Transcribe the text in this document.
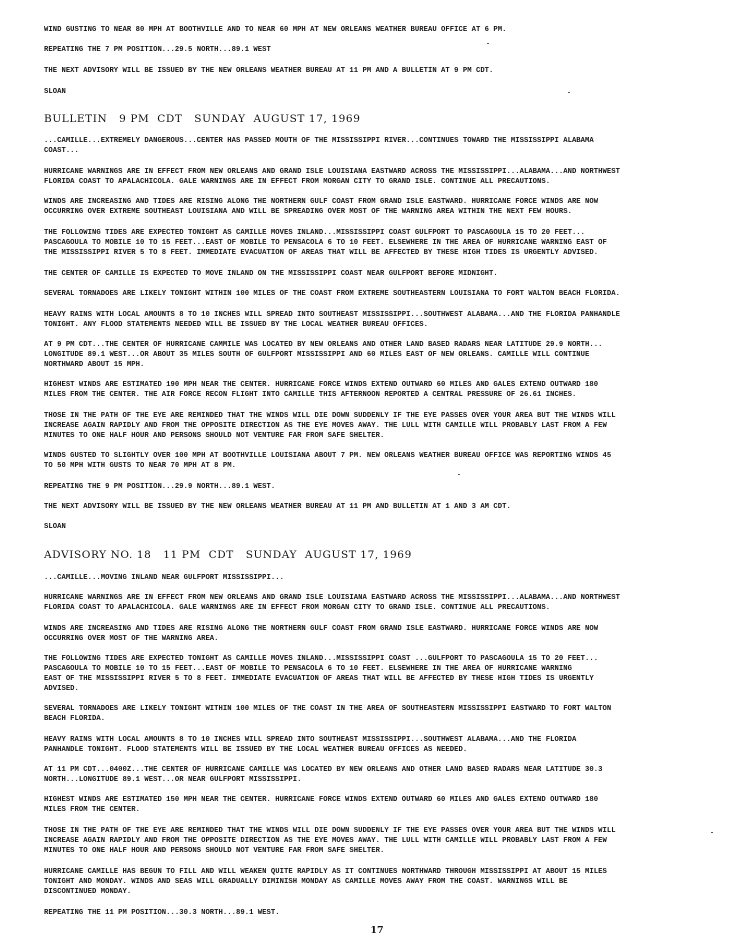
WIND GUSTING TO NEAR 80 MPH AT BOOTHVILLE AND TO NEAR 60 MPH AT NEW ORLEANS WEATHER BUREAU OFFICE AT 6 PM.
REPEATING THE 7 PM POSITION...29.5 NORTH...89.1 WEST
THE NEXT ADVISORY WILL BE ISSUED BY THE NEW ORLEANS WEATHER BUREAU AT 11 PM AND A BULLETIN AT 9 PM CDT.
SLOAN
BULLETIN   9 PM  CDT   SUNDAY  AUGUST 17, 1969
...CAMILLE...EXTREMELY DANGEROUS...CENTER HAS PASSED MOUTH OF THE MISSISSIPPI RIVER...CONTINUES TOWARD THE MISSISSIPPI ALABAMA
COAST...
HURRICANE WARNINGS ARE IN EFFECT FROM NEW ORLEANS AND GRAND ISLE LOUISIANA EASTWARD ACROSS THE MISSISSIPPI...ALABAMA...AND NORTHWEST
FLORIDA COAST TO APALACHICOLA. GALE WARNINGS ARE IN EFFECT FROM MORGAN CITY TO GRAND ISLE. CONTINUE ALL PRECAUTIONS.
WINDS ARE INCREASING AND TIDES ARE RISING ALONG THE NORTHERN GULF COAST FROM GRAND ISLE EASTWARD. HURRICANE FORCE WINDS ARE NOW
OCCURRING OVER EXTREME SOUTHEAST LOUISIANA AND WILL BE SPREADING OVER MOST OF THE WARNING AREA WITHIN THE NEXT FEW HOURS.
THE FOLLOWING TIDES ARE EXPECTED TONIGHT AS CAMILLE MOVES INLAND...MISSISSIPPI COAST GULFPORT TO PASCAGOULA 15 TO 20 FEET...
PASCAGOULA TO MOBILE 10 TO 15 FEET...EAST OF MOBILE TO PENSACOLA 6 TO 10 FEET. ELSEWHERE IN THE AREA OF HURRICANE WARNING EAST OF
THE MISSISSIPPI RIVER 5 TO 8 FEET. IMMEDIATE EVACUATION OF AREAS THAT WILL BE AFFECTED BY THESE HIGH TIDES IS URGENTLY ADVISED.
THE CENTER OF CAMILLE IS EXPECTED TO MOVE INLAND ON THE MISSISSIPPI COAST NEAR GULFPORT BEFORE MIDNIGHT.
SEVERAL TORNADOES ARE LIKELY TONIGHT WITHIN 100 MILES OF THE COAST FROM EXTREME SOUTHEASTERN LOUISIANA TO FORT WALTON BEACH FLORIDA.
HEAVY RAINS WITH LOCAL AMOUNTS 8 TO 10 INCHES WILL SPREAD INTO SOUTHEAST MISSISSIPPI...SOUTHWEST ALABAMA...AND THE FLORIDA PANHANDLE
TONIGHT. ANY FLOOD STATEMENTS NEEDED WILL BE ISSUED BY THE LOCAL WEATHER BUREAU OFFICES.
AT 9 PM CDT...THE CENTER OF HURRICANE CAMMILE WAS LOCATED BY NEW ORLEANS AND OTHER LAND BASED RADARS NEAR LATITUDE 29.9 NORTH...
LONGITUDE 89.1 WEST...OR ABOUT 35 MILES SOUTH OF GULFPORT MISSISSIPPI AND 60 MILES EAST OF NEW ORLEANS. CAMILLE WILL CONTINUE
NORTHWARD ABOUT 15 MPH.
HIGHEST WINDS ARE ESTIMATED 190 MPH NEAR THE CENTER. HURRICANE FORCE WINDS EXTEND OUTWARD 60 MILES AND GALES EXTEND OUTWARD 180
MILES FROM THE CENTER. THE AIR FORCE RECON FLIGHT INTO CAMILLE THIS AFTERNOON REPORTED A CENTRAL PRESSURE OF 26.61 INCHES.
THOSE IN THE PATH OF THE EYE ARE REMINDED THAT THE WINDS WILL DIE DOWN SUDDENLY IF THE EYE PASSES OVER YOUR AREA BUT THE WINDS WILL
INCREASE AGAIN RAPIDLY AND FROM THE OPPOSITE DIRECTION AS THE EYE MOVES AWAY. THE LULL WITH CAMILLE WILL PROBABLY LAST FROM A FEW
MINUTES TO ONE HALF HOUR AND PERSONS SHOULD NOT VENTURE FAR FROM SAFE SHELTER.
WINDS GUSTED TO SLIGHTLY OVER 100 MPH AT BOOTHVILLE LOUISIANA ABOUT 7 PM. NEW ORLEANS WEATHER BUREAU OFFICE WAS REPORTING WINDS 45
TO 50 MPH WITH GUSTS TO NEAR 70 MPH AT 8 PM.
REPEATING THE 9 PM POSITION...29.9 NORTH...89.1 WEST.
THE NEXT ADVISORY WILL BE ISSUED BY THE NEW ORLEANS WEATHER BUREAU AT 11 PM AND BULLETIN AT 1 AND 3 AM CDT.
SLOAN
ADVISORY NO. 18   11 PM  CDT   SUNDAY  AUGUST 17, 1969
...CAMILLE...MOVING INLAND NEAR GULFPORT MISSISSIPPI...
HURRICANE WARNINGS ARE IN EFFECT FROM NEW ORLEANS AND GRAND ISLE LOUISIANA EASTWARD ACROSS THE MISSISSIPPI...ALABAMA...AND NORTHWEST
FLORIDA COAST TO APALACHICOLA. GALE WARNINGS ARE IN EFFECT FROM MORGAN CITY TO GRAND ISLE. CONTINUE ALL PRECAUTIONS.
WINDS ARE INCREASING AND TIDES ARE RISING ALONG THE NORTHERN GULF COAST FROM GRAND ISLE EASTWARD. HURRICANE FORCE WINDS ARE NOW
OCCURRING OVER MOST OF THE WARNING AREA.
THE FOLLOWING TIDES ARE EXPECTED TONIGHT AS CAMILLE MOVES INLAND...MISSISSIPPI COAST ...GULFPORT TO PASCAGOULA 15 TO 20 FEET...
PASCAGOULA TO MOBILE 10 TO 15 FEET...EAST OF MOBILE TO PENSACOLA 6 TO 10 FEET. ELSEWHERE IN THE AREA OF HURRICANE WARNING
EAST OF THE MISSISSIPPI RIVER 5 TO 8 FEET. IMMEDIATE EVACUATION OF AREAS THAT WILL BE AFFECTED BY THESE HIGH TIDES IS URGENTLY
ADVISED.
SEVERAL TORNADOES ARE LIKELY TONIGHT WITHIN 100 MILES OF THE COAST IN THE AREA OF SOUTHEASTERN MISSISSIPPI EASTWARD TO FORT WALTON
BEACH FLORIDA.
HEAVY RAINS WITH LOCAL AMOUNTS 8 TO 10 INCHES WILL SPREAD INTO SOUTHEAST MISSISSIPPI...SOUTHWEST ALABAMA...AND THE FLORIDA
PANHANDLE TONIGHT. FLOOD STATEMENTS WILL BE ISSUED BY THE LOCAL WEATHER BUREAU OFFICES AS NEEDED.
AT 11 PM CDT...0400Z...THE CENTER OF HURRICANE CAMILLE WAS LOCATED BY NEW ORLEANS AND OTHER LAND BASED RADARS NEAR LATITUDE 30.3
NORTH...LONGITUDE 89.1 WEST...OR NEAR GULFPORT MISSISSIPPI.
HIGHEST WINDS ARE ESTIMATED 150 MPH NEAR THE CENTER. HURRICANE FORCE WINDS EXTEND OUTWARD 60 MILES AND GALES EXTEND OUTWARD 180
MILES FROM THE CENTER.
THOSE IN THE PATH OF THE EYE ARE REMINDED THAT THE WINDS WILL DIE DOWN SUDDENLY IF THE EYE PASSES OVER YOUR AREA BUT THE WINDS WILL
INCREASE AGAIN RAPIDLY AND FROM THE OPPOSITE DIRECTION AS THE EYE MOVES AWAY. THE LULL WITH CAMILLE WILL PROBABLY LAST FROM A FEW
MINUTES TO ONE HALF HOUR AND PERSONS SHOULD NOT VENTURE FAR FROM SAFE SHELTER.
HURRICANE CAMILLE HAS BEGUN TO FILL AND WILL WEAKEN QUITE RAPIDLY AS IT CONTINUES NORTHWARD THROUGH MISSISSIPPI AT ABOUT 15 MILES
TONIGHT AND MONDAY. WINDS AND SEAS WILL GRADUALLY DIMINISH MONDAY AS CAMILLE MOVES AWAY FROM THE COAST. WARNINGS WILL BE
DISCONTINUED MONDAY.
REPEATING THE 11 PM POSITION...30.3 NORTH...89.1 WEST.
17
